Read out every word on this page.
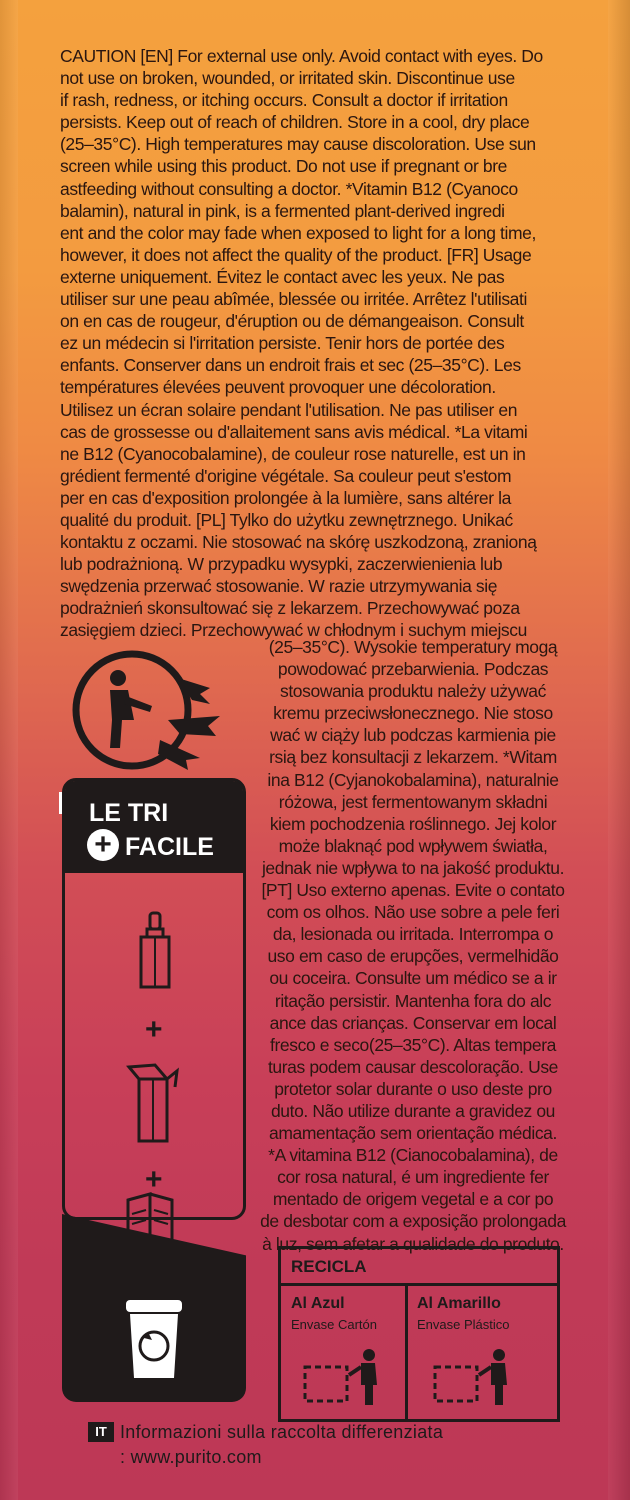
CAUTION [EN] For external use only. Avoid contact with eyes. Do
not use on broken, wounded, or irritated skin. Discontinue use
if rash, redness, or itching occurs. Consult a doctor if irritation
persists. Keep out of reach of children. Store in a cool, dry place
(25–35°C). High temperatures may cause discoloration. Use sun
screen while using this product. Do not use if pregnant or bre
astfeeding without consulting a doctor. *Vitamin B12 (Cyanoco
balamin), natural in pink, is a fermented plant-derived ingredi
ent and the color may fade when exposed to light for a long time,
however, it does not affect the quality of the product. [FR] Usage
externe uniquement. Évitez le contact avec les yeux. Ne pas
utiliser sur une peau abîmée, blessée ou irritée. Arrêtez l'utilisati
on en cas de rougeur, d'éruption ou de démangeaison. Consult
ez un médecin si l'irritation persiste. Tenir hors de portée des
enfants. Conserver dans un endroit frais et sec (25–35°C). Les
températures élevées peuvent provoquer une décoloration.
Utilisez un écran solaire pendant l'utilisation. Ne pas utiliser en
cas de grossesse ou d'allaitement sans avis médical. *La vitami
ne B12 (Cyanocobalamine), de couleur rose naturelle, est un in
grédient fermenté d'origine végétale. Sa couleur peut s'estom
per en cas d'exposition prolongée à la lumière, sans altérer la
qualité du produit. [PL] Tylko do użytku zewnętrznego. Unikać
kontaktu z oczami. Nie stosować na skórę uszkodzoną, zranioną
lub podrażnioną. W przypadku wysypki, zaczerwienienia lub
swędzenia przerwać stosowanie. W razie utrzymywania się
podrażnień skonsultować się z lekarzem. Przechowywać poza
zasięgiem dzieci. Przechowywać w chłodnym i suchym miejscu
LE TRI
+ FACILE
+
+
(25–35°C). Wysokie temperatury mogą
powodować przebarwienia. Podczas
stosowania produktu należy używać
kremu przeciwsłonecznego. Nie stoso
wać w ciąży lub podczas karmienia pie
rsią bez konsultacji z lekarzem. *Witam
ina B12 (Cyjanokobalamina), naturalnie
różowa, jest fermentowanym składni
kiem pochodzenia roślinnego. Jej kolor
może blaknąć pod wpływem światła,
jednak nie wpływa to na jakość produktu.
[PT] Uso externo apenas. Evite o contato
com os olhos. Não use sobre a pele feri
da, lesionada ou irritada. Interrompa o
uso em caso de erupções, vermelhidão
ou coceira. Consulte um médico se a ir
ritação persistir. Mantenha fora do alc
ance das crianças. Conservar em local
fresco e seco(25–35°C). Altas tempera
turas podem causar descoloração. Use
protetor solar durante o uso deste pro
duto. Não utilize durante a gravidez ou
amamentação sem orientação médica.
*A vitamina B12 (Cianocobalamina), de
cor rosa natural, é um ingrediente fer
mentado de origem vegetal e a cor po
de desbotar com a exposição prolongada
à luz, sem afetar a qualidade do produto.
RECICLA
Al Azul
Envase Cartón
Al Amarillo
Envase Plástico
IT Informazioni sulla raccolta differenziata
: www.purito.com
